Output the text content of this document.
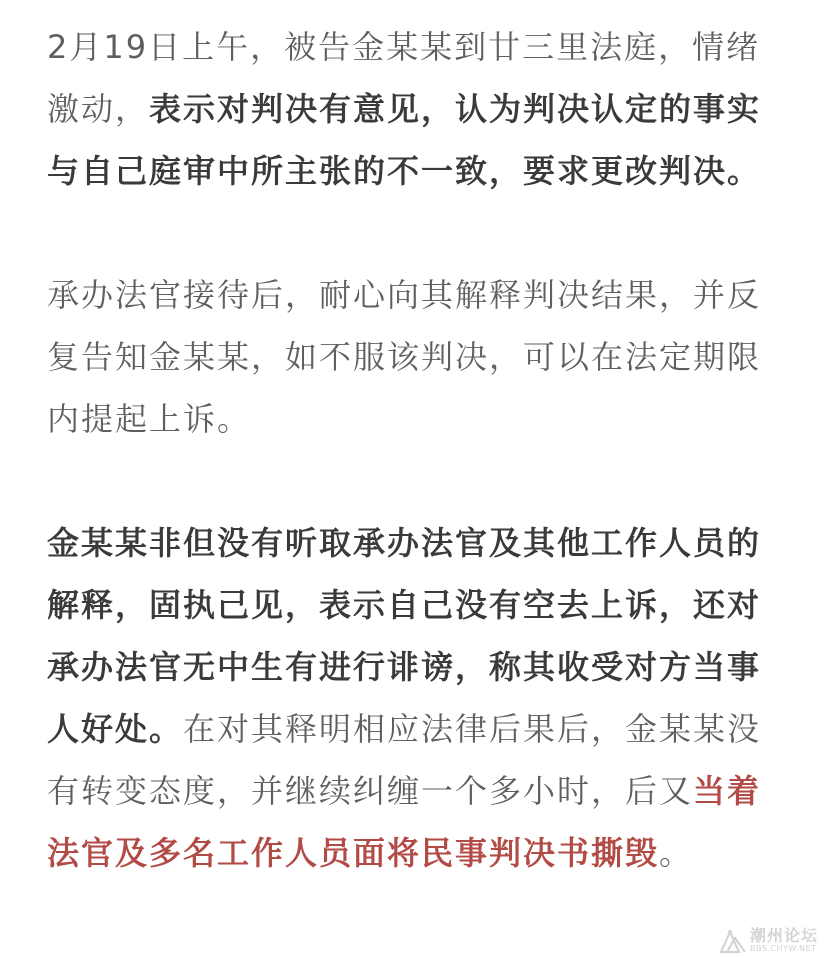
2月19日上午，被告金某某到廿三里法庭，情绪激动，表示对判决有意见，认为判决认定的事实与自己庭审中所主张的不一致，要求更改判决。

承办法官接待后，耐心向其解释判决结果，并反复告知金某某，如不服该判决，可以在法定期限内提起上诉。

金某某非但没有听取承办法官及其他工作人员的解释，固执己见，表示自己没有空去上诉，还对承办法官无中生有进行诽谤，称其收受对方当事人好处。在对其释明相应法律后果后，金某某没有转变态度，并继续纠缠一个多小时，后又当着法官及多名工作人员面将民事判决书撕毁。

潮州论坛
BBS.CHYW.NET
